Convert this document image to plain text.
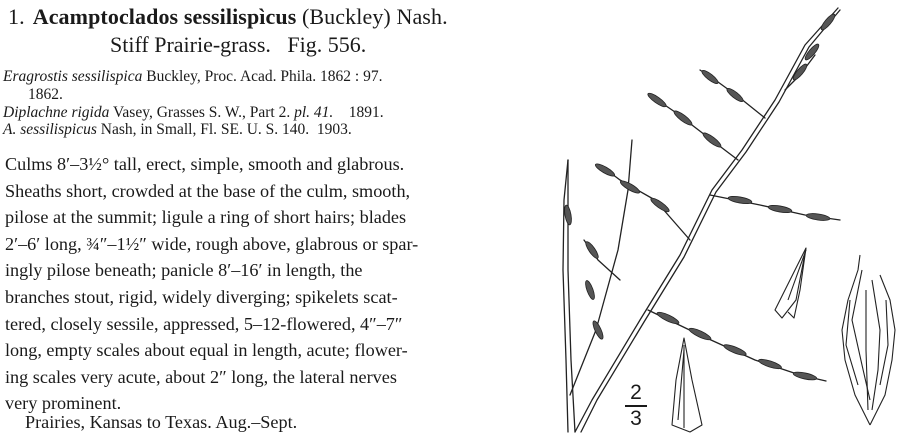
1. Acamptoclados sessilispìcus (Buckley) Nash.
Stiff Prairie-grass. Fig. 556.
Eragrostis sessilispica Buckley, Proc. Acad. Phila. 1862 : 97.
1862.
Diplachne rigida Vasey, Grasses S. W., Part 2. pl. 41. 1891.
A. sessilispicus Nash, in Small, Fl. SE. U. S. 140. 1903.
Culms 8′–3½° tall, erect, simple, smooth and glabrous.
Sheaths short, crowded at the base of the culm, smooth,
pilose at the summit; ligule a ring of short hairs; blades
2′–6′ long, ¾″–1½″ wide, rough above, glabrous or spar-
ingly pilose beneath; panicle 8′–16′ in length, the
branches stout, rigid, widely diverging; spikelets scat-
tered, closely sessile, appressed, 5–12-flowered, 4″–7″
long, empty scales about equal in length, acute; flower-
ing scales very acute, about 2″ long, the lateral nerves
very prominent.
Prairies, Kansas to Texas. Aug.–Sept.
2
3
